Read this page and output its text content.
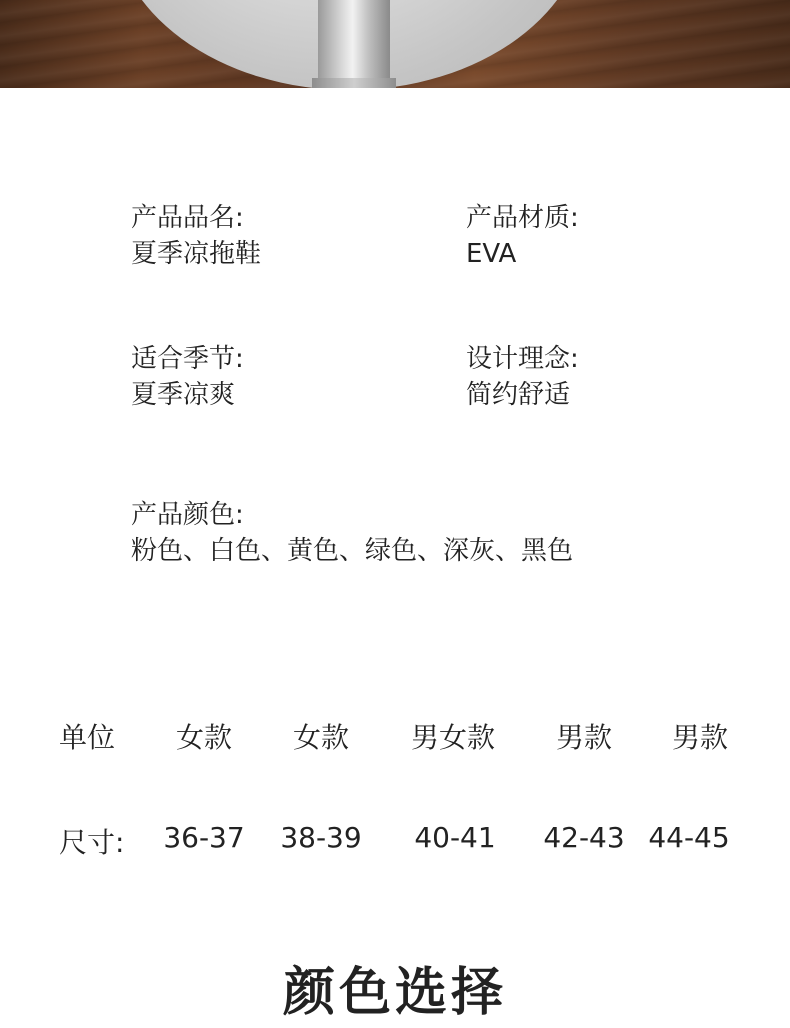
产品品名:
夏季凉拖鞋
产品材质:
EVA
适合季节:
夏季凉爽
设计理念:
简约舒适
产品颜色:
粉色、白色、黄色、绿色、深灰、黑色
单位 女款 女款 男女款 男款 男款
尺寸: 36-37 38-39 40-41 42-43 44-45
颜色选择
